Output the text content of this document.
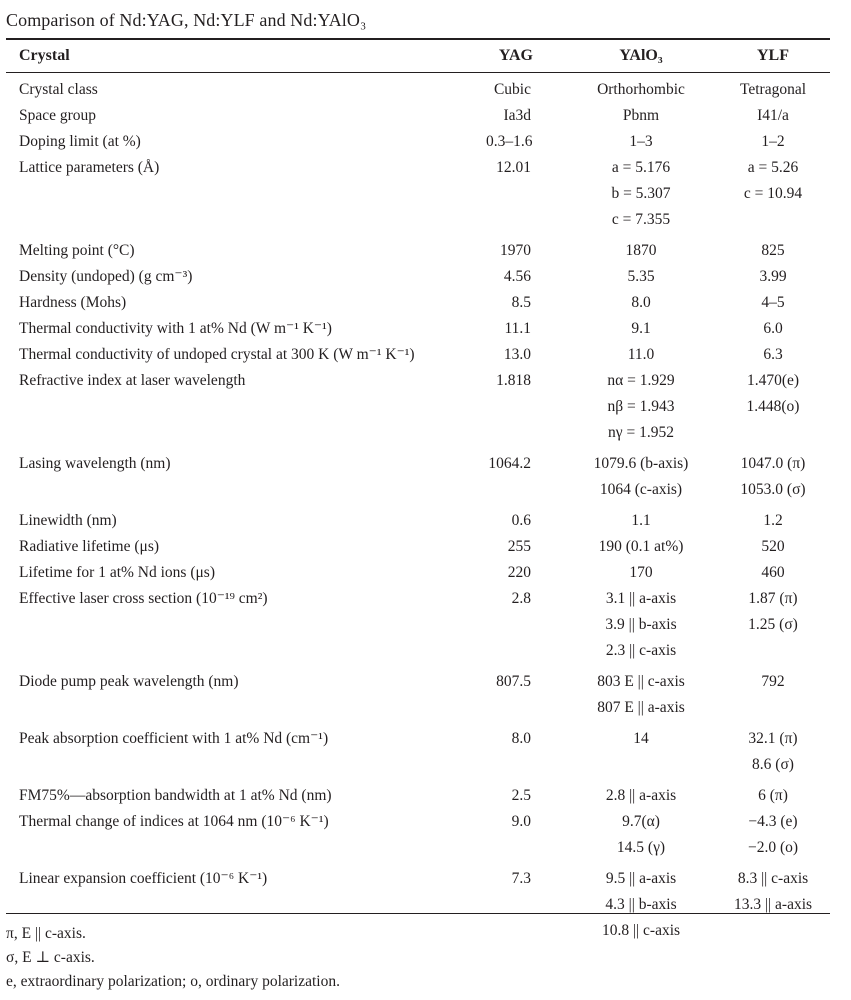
Comparison of Nd:YAG, Nd:YLF and Nd:YAlO₃
Crystal	YAG	YAlO₃	YLF
Crystal class	Cubic	Orthorhombic	Tetragonal
Space group	Ia3d	Pbnm	I41/a
Doping limit (at %)	0.3–1.6	1–3	1–2
Lattice parameters (Å)	12.01	a = 5.176	a = 5.26
		b = 5.307	c = 10.94
		c = 7.355	
Melting point (°C)	1970	1870	825
Density (undoped) (g cm⁻³)	4.56	5.35	3.99
Hardness (Mohs)	8.5	8.0	4–5
Thermal conductivity with 1 at% Nd (W m⁻¹ K⁻¹)	11.1	9.1	6.0
Thermal conductivity of undoped crystal at 300 K (W m⁻¹ K⁻¹)	13.0	11.0	6.3
Refractive index at laser wavelength	1.818	nα = 1.929	1.470(e)
		nβ = 1.943	1.448(o)
		nγ = 1.952	
Lasing wavelength (nm)	1064.2	1079.6 (b-axis)	1047.0 (π)
		1064 (c-axis)	1053.0 (σ)
Linewidth (nm)	0.6	1.1	1.2
Radiative lifetime (μs)	255	190 (0.1 at%)	520
Lifetime for 1 at% Nd ions (μs)	220	170	460
Effective laser cross section (10⁻¹⁹ cm²)	2.8	3.1 || a-axis	1.87 (π)
		3.9 || b-axis	1.25 (σ)
		2.3 || c-axis	
Diode pump peak wavelength (nm)	807.5	803 E || c-axis	792
		807 E || a-axis	
Peak absorption coefficient with 1 at% Nd (cm⁻¹)	8.0	14	32.1 (π)
			8.6 (σ)
FM75%—absorption bandwidth at 1 at% Nd (nm)	2.5	2.8 || a-axis	6 (π)
Thermal change of indices at 1064 nm (10⁻⁶ K⁻¹)	9.0	9.7(α)	−4.3 (e)
		14.5 (γ)	−2.0 (o)
Linear expansion coefficient (10⁻⁶ K⁻¹)	7.3	9.5 || a-axis	8.3 || c-axis
		4.3 || b-axis	13.3 || a-axis
		10.8 || c-axis	
π, E || c-axis.
σ, E ⊥ c-axis.
e, extraordinary polarization; o, ordinary polarization.
